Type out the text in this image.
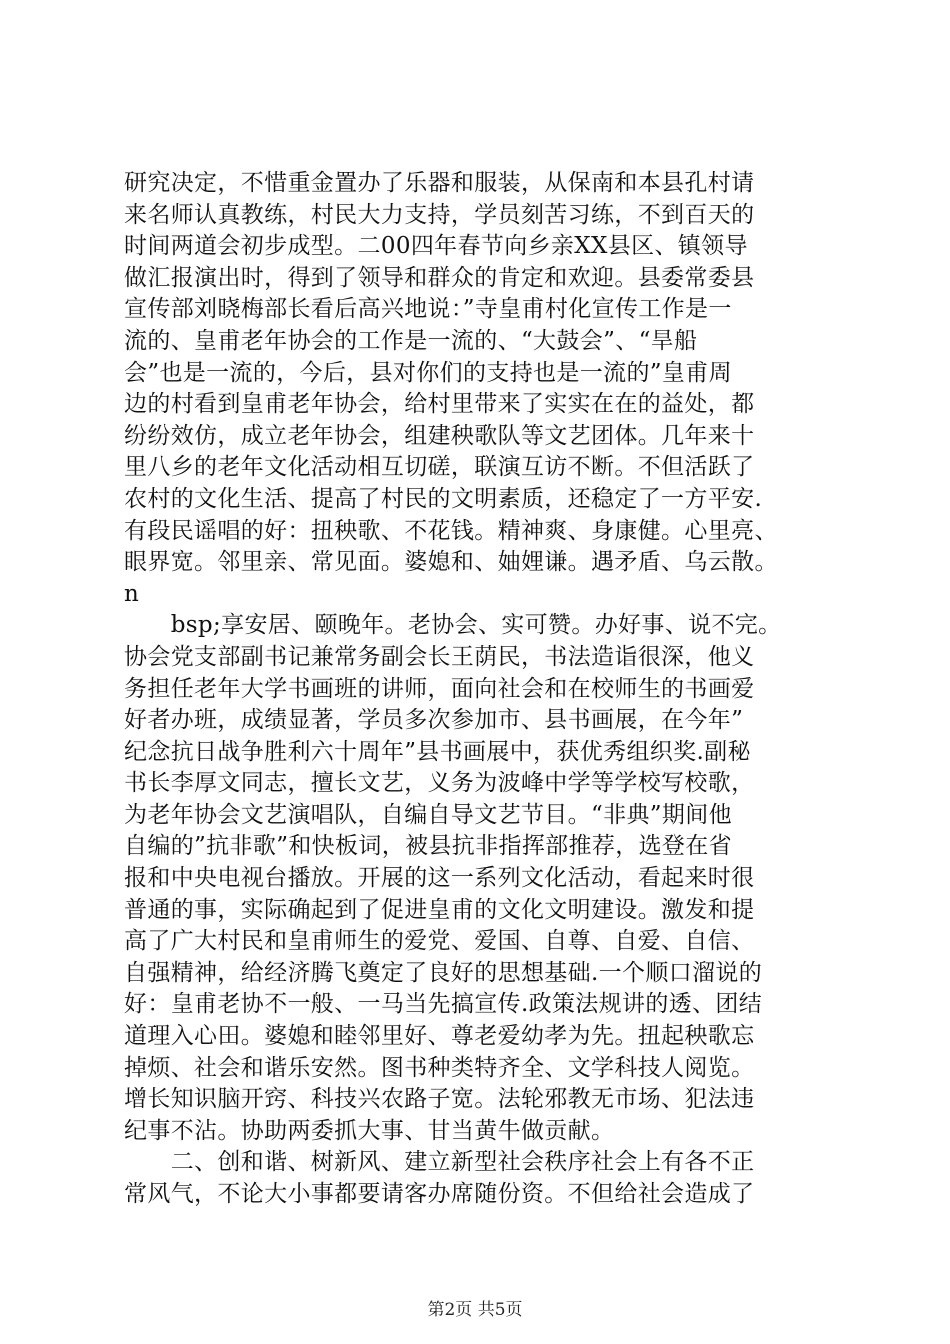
研究决定，不惜重金置办了乐器和服装，从保南和本县孔村请
来名师认真教练，村民大力支持，学员刻苦习练，不到百天的
时间两道会初步成型。二00四年春节向乡亲XX县区、镇领导
做汇报演出时，得到了领导和群众的肯定和欢迎。县委常委县
宣传部刘晓梅部长看后高兴地说：”寺皇甫村化宣传工作是一
流的、皇甫老年协会的工作是一流的、“大鼓会”、“旱船
会”也是一流的，今后，县对你们的支持也是一流的”皇甫周
边的村看到皇甫老年协会，给村里带来了实实在在的益处，都
纷纷效仿，成立老年协会，组建秧歌队等文艺团体。几年来十
里八乡的老年文化活动相互切磋，联演互访不断。不但活跃了
农村的文化生活、提高了村民的文明素质，还稳定了一方平安.
有段民谣唱的好：扭秧歌、不花钱。精神爽、身康健。心里亮、
眼界宽。邻里亲、常见面。婆媳和、妯娌谦。遇矛盾、乌云散。
n
　　bsp;享安居、颐晚年。老协会、实可赞。办好事、说不完。
协会党支部副书记兼常务副会长王荫民，书法造诣很深，他义
务担任老年大学书画班的讲师，面向社会和在校师生的书画爱
好者办班，成绩显著，学员多次参加市、县书画展，在今年”
纪念抗日战争胜利六十周年”县书画展中，获优秀组织奖.副秘
书长李厚文同志，擅长文艺，义务为波峰中学等学校写校歌，
为老年协会文艺演唱队，自编自导文艺节目。“非典”期间他
自编的”抗非歌”和快板词，被县抗非指挥部推荐，选登在省
报和中央电视台播放。开展的这一系列文化活动，看起来时很
普通的事，实际确起到了促进皇甫的文化文明建设。激发和提
高了广大村民和皇甫师生的爱党、爱国、自尊、自爱、自信、
自强精神，给经济腾飞奠定了良好的思想基础.一个顺口溜说的
好：皇甫老协不一般、一马当先搞宣传.政策法规讲的透、团结
道理入心田。婆媳和睦邻里好、尊老爱幼孝为先。扭起秧歌忘
掉烦、社会和谐乐安然。图书种类特齐全、文学科技人阅览。
增长知识脑开窍、科技兴农路子宽。法轮邪教无市场、犯法违
纪事不沾。协助两委抓大事、甘当黄牛做贡献。
　　二、创和谐、树新风、建立新型社会秩序社会上有各不正
常风气，不论大小事都要请客办席随份资。不但给社会造成了
第2页 共5页
